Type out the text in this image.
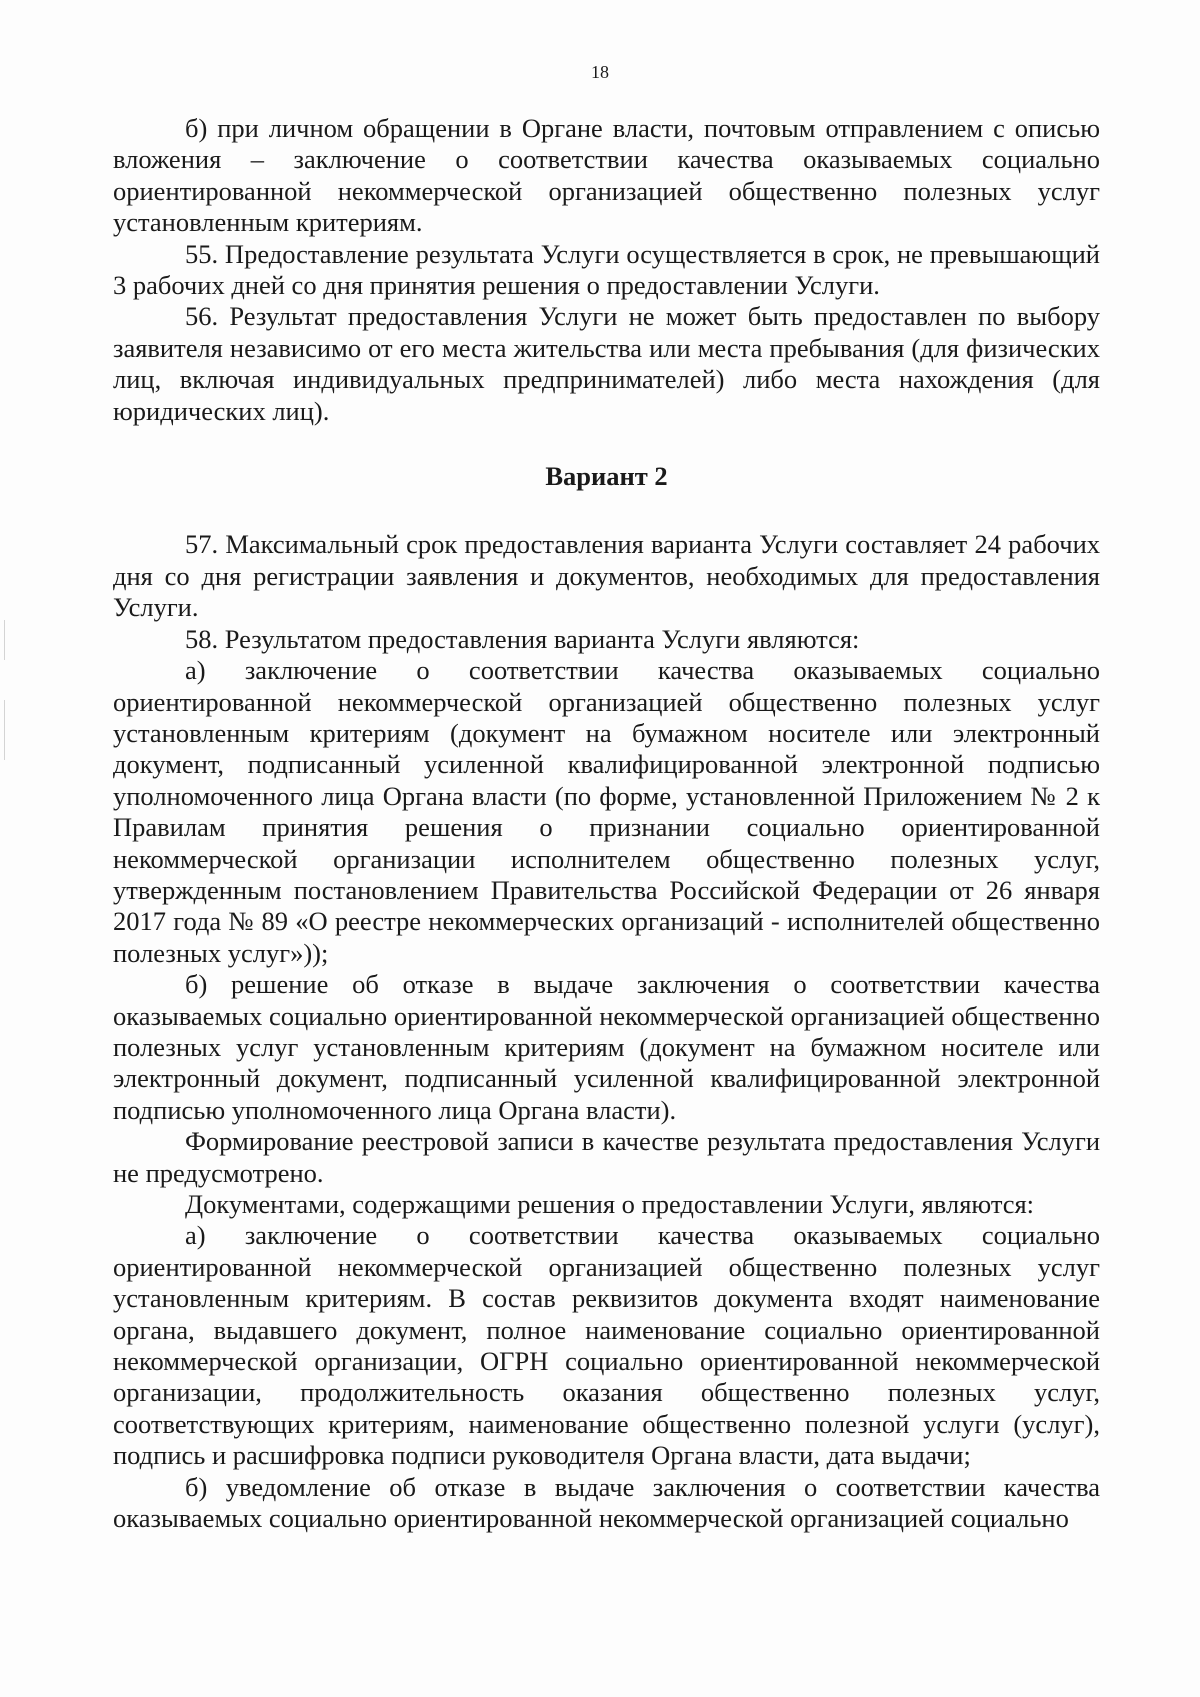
18

б) при личном обращении в Органе власти, почтовым отправлением с описью вложения – заключение о соответствии качества оказываемых социально ориентированной некоммерческой организацией общественно полезных услуг установленным критериям.

55. Предоставление результата Услуги осуществляется в срок, не превышающий 3 рабочих дней со дня принятия решения о предоставлении Услуги.

56. Результат предоставления Услуги не может быть предоставлен по выбору заявителя независимо от его места жительства или места пребывания (для физических лиц, включая индивидуальных предпринимателей) либо места нахождения (для юридических лиц).

Вариант 2

57. Максимальный срок предоставления варианта Услуги составляет 24 рабочих дня со дня регистрации заявления и документов, необходимых для предоставления Услуги.

58. Результатом предоставления варианта Услуги являются:

а) заключение о соответствии качества оказываемых социально ориентированной некоммерческой организацией общественно полезных услуг установленным критериям (документ на бумажном носителе или электронный документ, подписанный усиленной квалифицированной электронной подписью уполномоченного лица Органа власти (по форме, установленной Приложением № 2 к Правилам принятия решения о признании социально ориентированной некоммерческой организации исполнителем общественно полезных услуг, утвержденным постановлением Правительства Российской Федерации от 26 января 2017 года № 89 «О реестре некоммерческих организаций - исполнителей общественно полезных услуг»));

б) решение об отказе в выдаче заключения о соответствии качества оказываемых социально ориентированной некоммерческой организацией общественно полезных услуг установленным критериям (документ на бумажном носителе или электронный документ, подписанный усиленной квалифицированной электронной подписью уполномоченного лица Органа власти).

Формирование реестровой записи в качестве результата предоставления Услуги не предусмотрено.

Документами, содержащими решения о предоставлении Услуги, являются:

а) заключение о соответствии качества оказываемых социально ориентированной некоммерческой организацией общественно полезных услуг установленным критериям. В состав реквизитов документа входят наименование органа, выдавшего документ, полное наименование социально ориентированной некоммерческой организации, ОГРН социально ориентированной некоммерческой организации, продолжительность оказания общественно полезных услуг, соответствующих критериям, наименование общественно полезной услуги (услуг), подпись и расшифровка подписи руководителя Органа власти, дата выдачи;

б) уведомление об отказе в выдаче заключения о соответствии качества оказываемых социально ориентированной некоммерческой организацией социально
